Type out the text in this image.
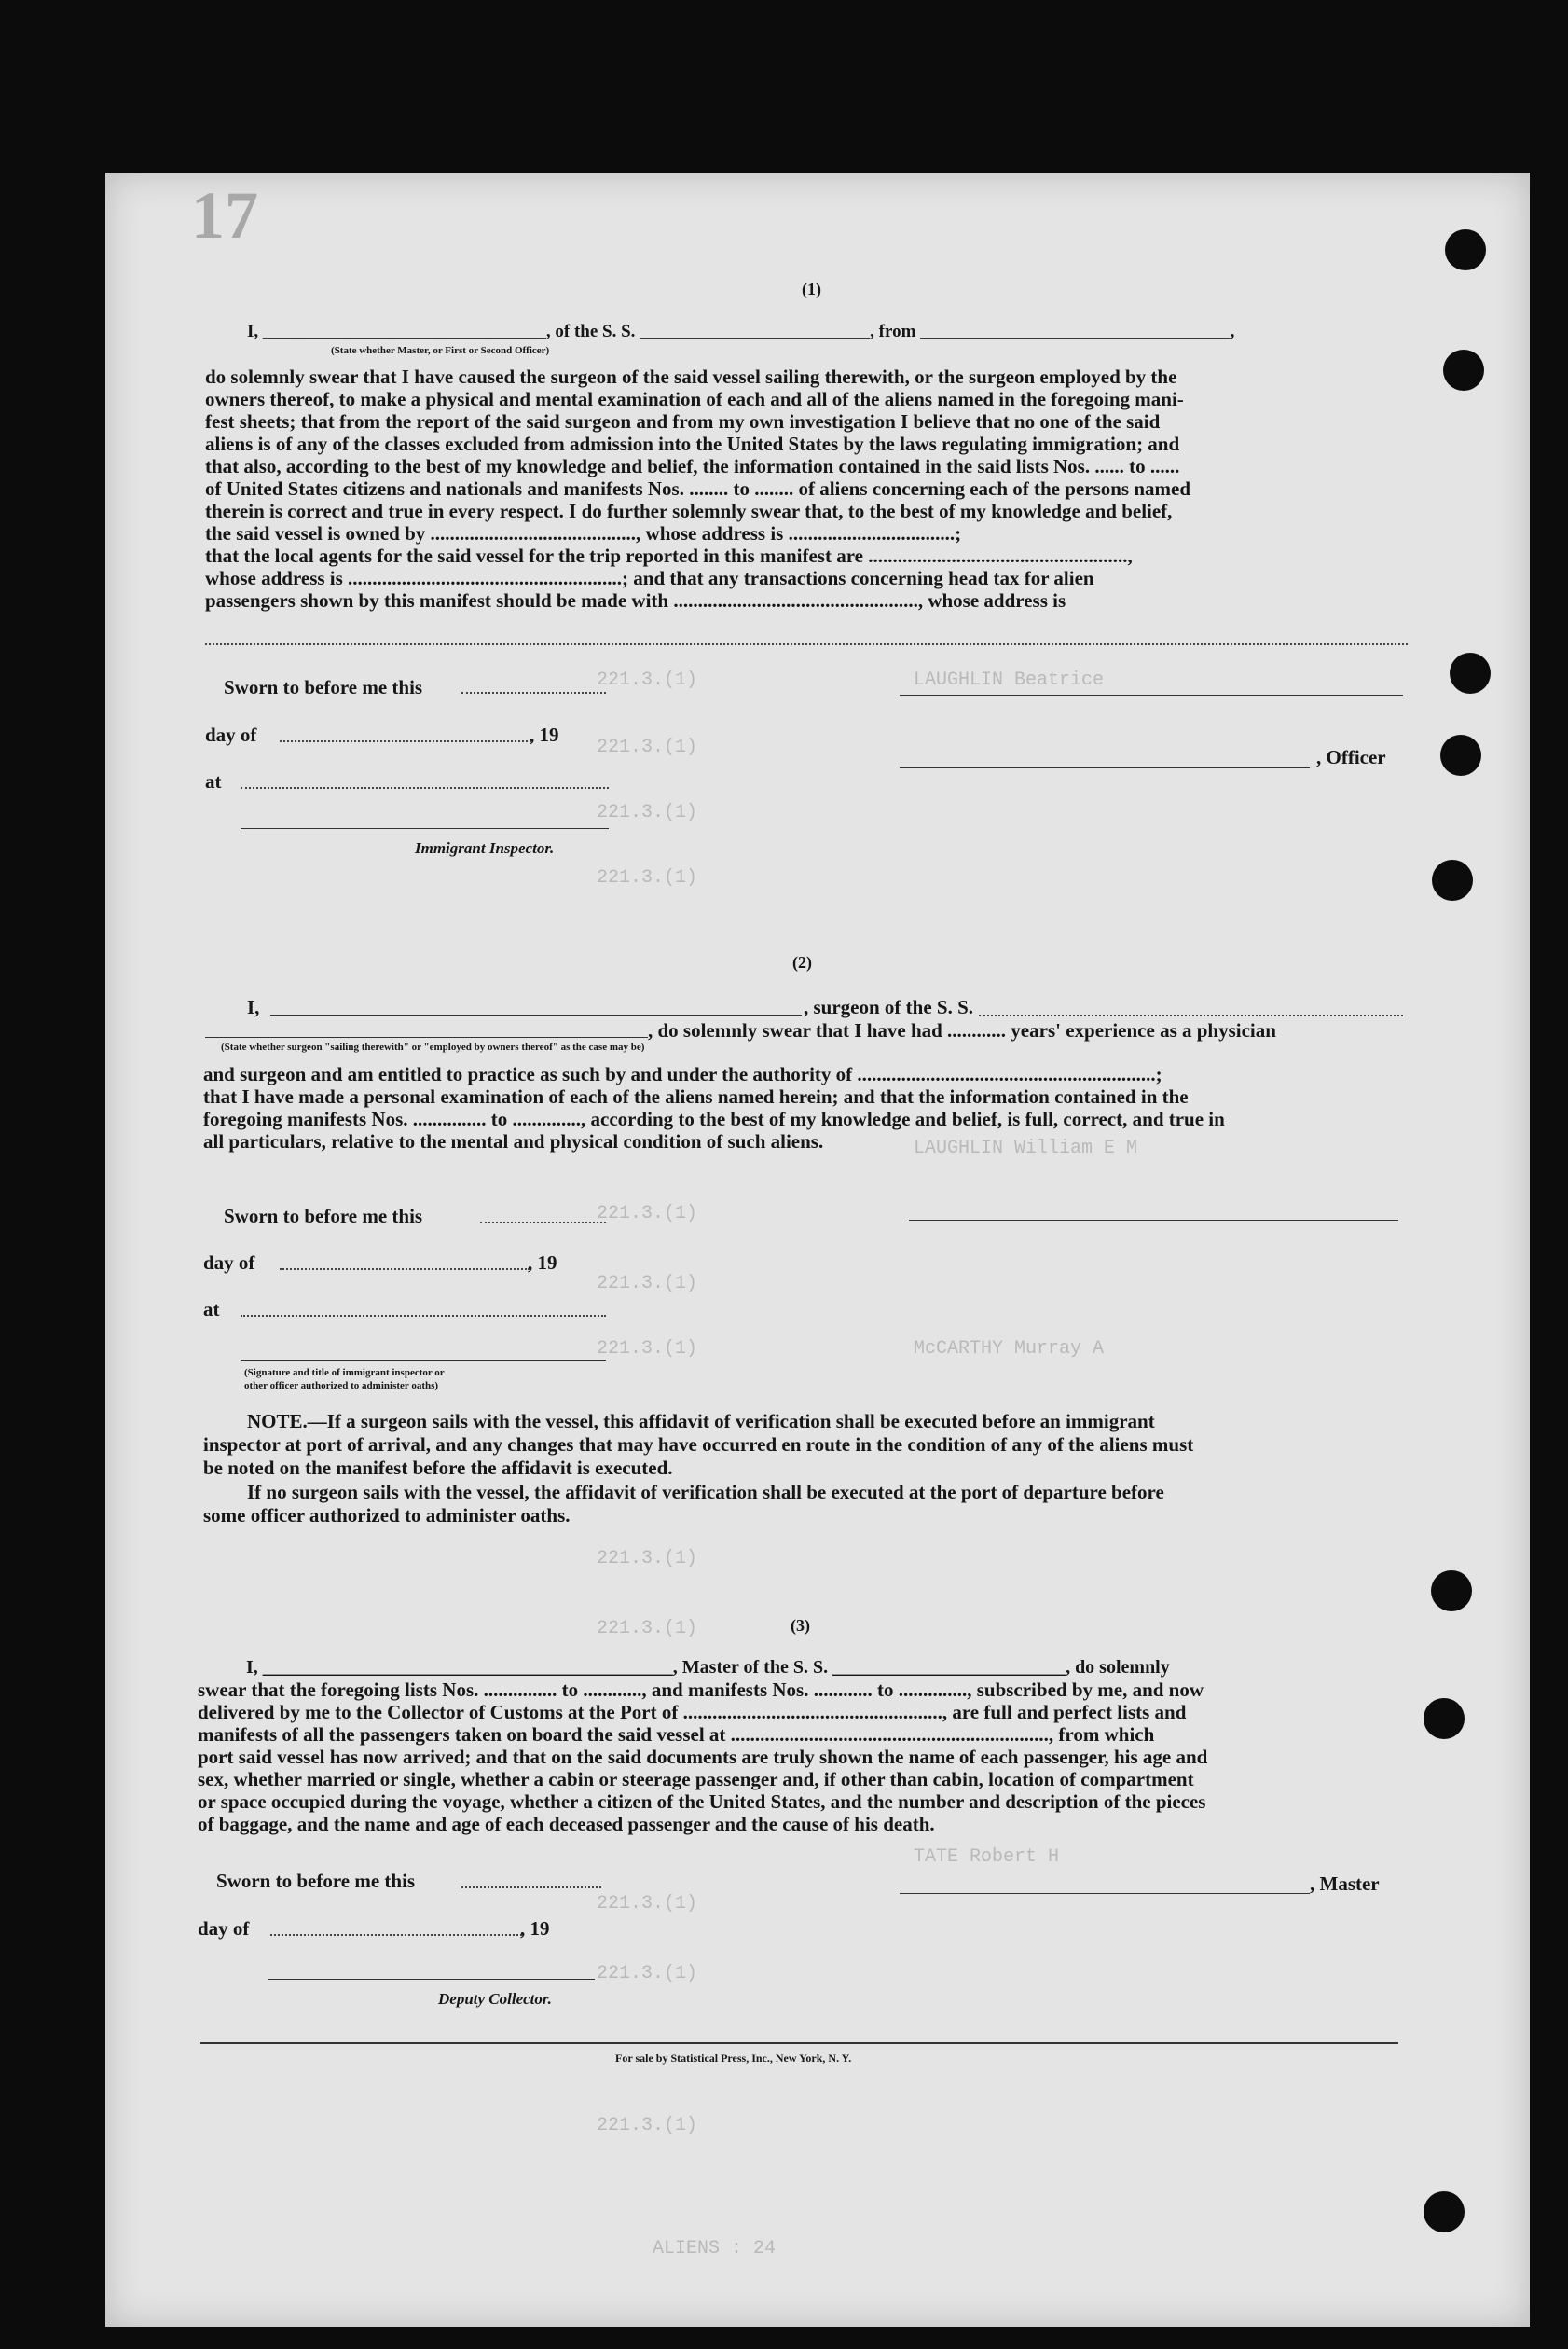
17
221.3.(1)
221.3.(1)
221.3.(1)
221.3.(1)
221.3.(1)
221.3.(1)
221.3.(1)
221.3.(1)
221.3.(1)
221.3.(1)
221.3.(1)
221.3.(1)
LAUGHLIN Beatrice
LAUGHLIN William E M
McCARTHY Murray A
TATE Robert H
ALIENS : 24
(1)
I, ________________________________, of the S. S. __________________________, from ___________________________________,
(State whether Master, or First or Second Officer)
do solemnly swear that I have caused the surgeon of the said vessel sailing therewith, or the surgeon employed by the
owners thereof, to make a physical and mental examination of each and all of the aliens named in the foregoing mani-
fest sheets; that from the report of the said surgeon and from my own investigation I believe that no one of the said
aliens is of any of the classes excluded from admission into the United States by the laws regulating immigration; and
that also, according to the best of my knowledge and belief, the information contained in the said lists Nos. ...... to ......
of United States citizens and nationals and manifests Nos. ........ to ........ of aliens concerning each of the persons named
therein is correct and true in every respect. I do further solemnly swear that, to the best of my knowledge and belief,
the said vessel is owned by .........................................., whose address is ..................................;
that the local agents for the said vessel for the trip reported in this manifest are .....................................................,
whose address is ........................................................; and that any transactions concerning head tax for alien
passengers shown by this manifest should be made with .................................................., whose address is
Sworn to before me this
day of	, 19
at
Immigrant Inspector.
, Officer
(2)
I,	, surgeon of the S. S.
, do solemnly swear that I have had ............ years' experience as a physician
(State whether surgeon "sailing therewith" or "employed by owners thereof" as the case may be)
and surgeon and am entitled to practice as such by and under the authority of .............................................................;
that I have made a personal examination of each of the aliens named herein; and that the information contained in the
foregoing manifests Nos. ............... to .............., according to the best of my knowledge and belief, is full, correct, and true in
all particulars, relative to the mental and physical condition of such aliens.
Sworn to before me this
day of	, 19
at
(Signature and title of immigrant inspector or
other officer authorized to administer oaths)
NOTE.—If a surgeon sails with the vessel, this affidavit of verification shall be executed before an immigrant
inspector at port of arrival, and any changes that may have occurred en route in the condition of any of the aliens must
be noted on the manifest before the affidavit is executed.
If no surgeon sails with the vessel, the affidavit of verification shall be executed at the port of departure before
some officer authorized to administer oaths.
(3)
I, ____________________________________________, Master of the S. S. _________________________, do solemnly
swear that the foregoing lists Nos. ............... to ............, and manifests Nos. ............ to .............., subscribed by me, and now
delivered by me to the Collector of Customs at the Port of ....................................................., are full and perfect lists and
manifests of all the passengers taken on board the said vessel at ................................................................., from which
port said vessel has now arrived; and that on the said documents are truly shown the name of each passenger, his age and
sex, whether married or single, whether a cabin or steerage passenger and, if other than cabin, location of compartment
or space occupied during the voyage, whether a citizen of the United States, and the number and description of the pieces
of baggage, and the name and age of each deceased passenger and the cause of his death.
Sworn to before me this
day of	, 19
Deputy Collector.
, Master
For sale by Statistical Press, Inc., New York, N. Y.
